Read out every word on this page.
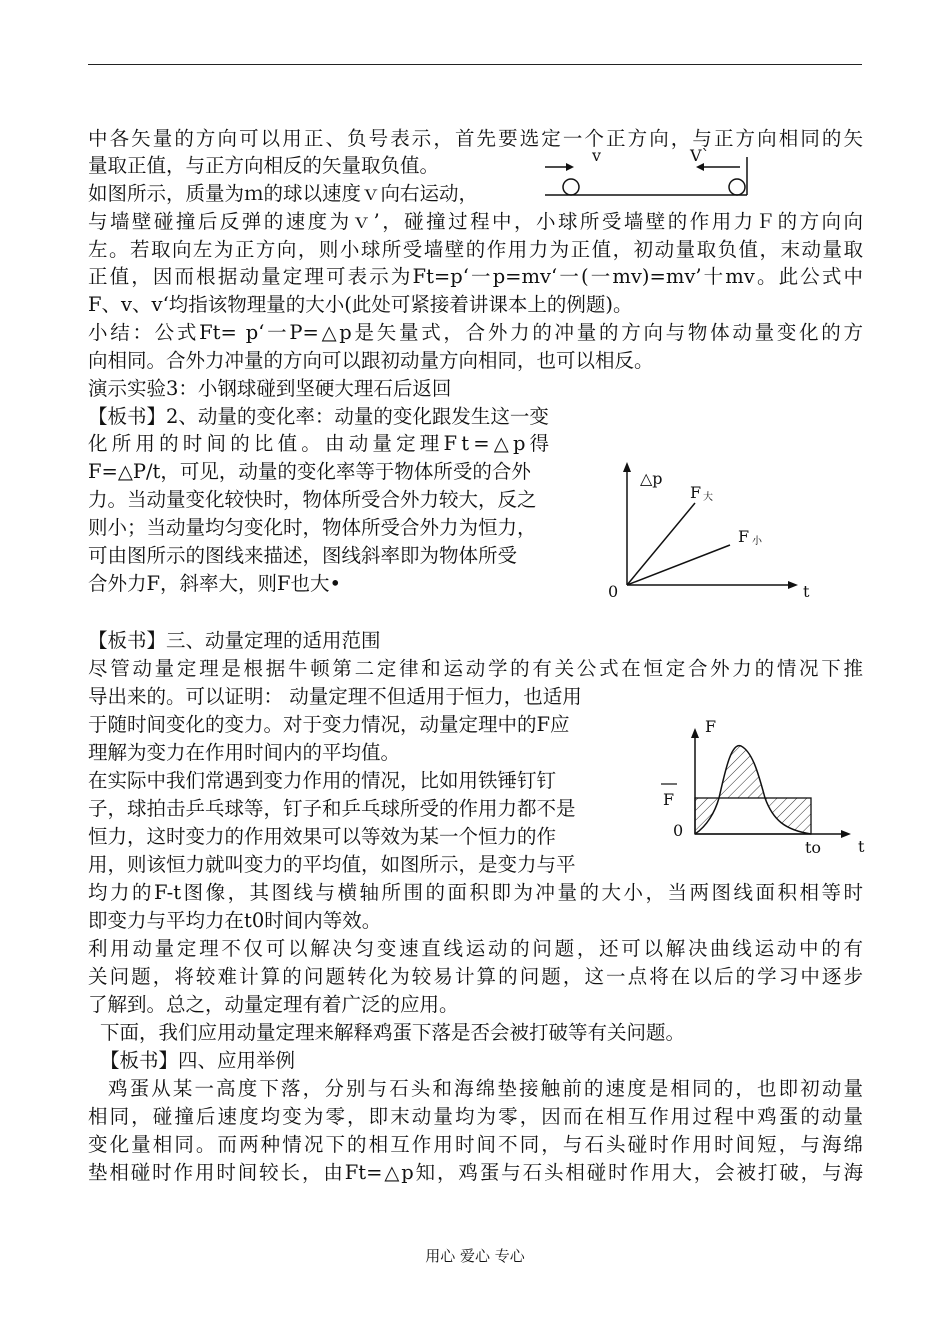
中各矢量的方向可以用正、负号表示，首先要选定一个正方向，与正方向相同的矢
量取正值，与正方向相反的矢量取负值。
如图所示，质量为ｍ的球以速度ｖ向右运动，
与墙壁碰撞后反弹的速度为ｖ’，碰撞过程中，小球所受墙壁的作用力Ｆ的方向向
左。若取向左为正方向，则小球所受墙壁的作用力为正值，初动量取负值，末动量取
正值，因而根据动量定理可表示为Ft=p‘一p=mv‘一(一mv)=mv’十mv。此公式中
F、v、v‘均指该物理量的大小(此处可紧接着讲课本上的例题)。
小结：公式Ft= p‘一P=△p是矢量式，合外力的冲量的方向与物体动量变化的方
向相同。合外力冲量的方向可以跟初动量方向相同，也可以相反。
演示实验3：小钢球碰到坚硬大理石后返回
【板书】2、动量的变化率：动量的变化跟发生这一变
化所用的时间的比值。由动量定理Ft=△p得
F=△P/t，可见，动量的变化率等于物体所受的合外
力。当动量变化较快时，物体所受合外力较大，反之
则小；当动量均匀变化时，物体所受合外力为恒力，
可由图所示的图线来描述，图线斜率即为物体所受
合外力F，斜率大，则F也大•
【板书】三、动量定理的适用范围
尽管动量定理是根据牛顿第二定律和运动学的有关公式在恒定合外力的情况下推
导出来的。可以证明： 动量定理不但适用于恒力，也适用
于随时间变化的变力。对于变力情况，动量定理中的F应
理解为变力在作用时间内的平均值。
在实际中我们常遇到变力作用的情况，比如用铁锤钉钉
子，球拍击乒乓球等，钉子和乒乓球所受的作用力都不是
恒力，这时变力的作用效果可以等效为某一个恒力的作
用，则该恒力就叫变力的平均值，如图所示，是变力与平
均力的F-t图像，其图线与横轴所围的面积即为冲量的大小，当两图线面积相等时
即变力与平均力在t0时间内等效。
利用动量定理不仅可以解决匀变速直线运动的问题，还可以解决曲线运动中的有
关问题，将较难计算的问题转化为较易计算的问题，这一点将在以后的学习中逐步
了解到。总之，动量定理有着广泛的应用。
下面，我们应用动量定理来解释鸡蛋下落是否会被打破等有关问题。
【板书】四、应用举例
鸡蛋从某一高度下落，分别与石头和海绵垫接触前的速度是相同的，也即初动量
相同，碰撞后速度均变为零，即末动量均为零，因而在相互作用过程中鸡蛋的动量
变化量相同。而两种情况下的相互作用时间不同，与石头碰时作用时间短，与海绵
垫相碰时作用时间较长，由Ft=△p知，鸡蛋与石头相碰时作用大，会被打破，与海
v	V`
△p
t
0
F 大
F 小
F
t
0
F
to
用心 爱心 专心
